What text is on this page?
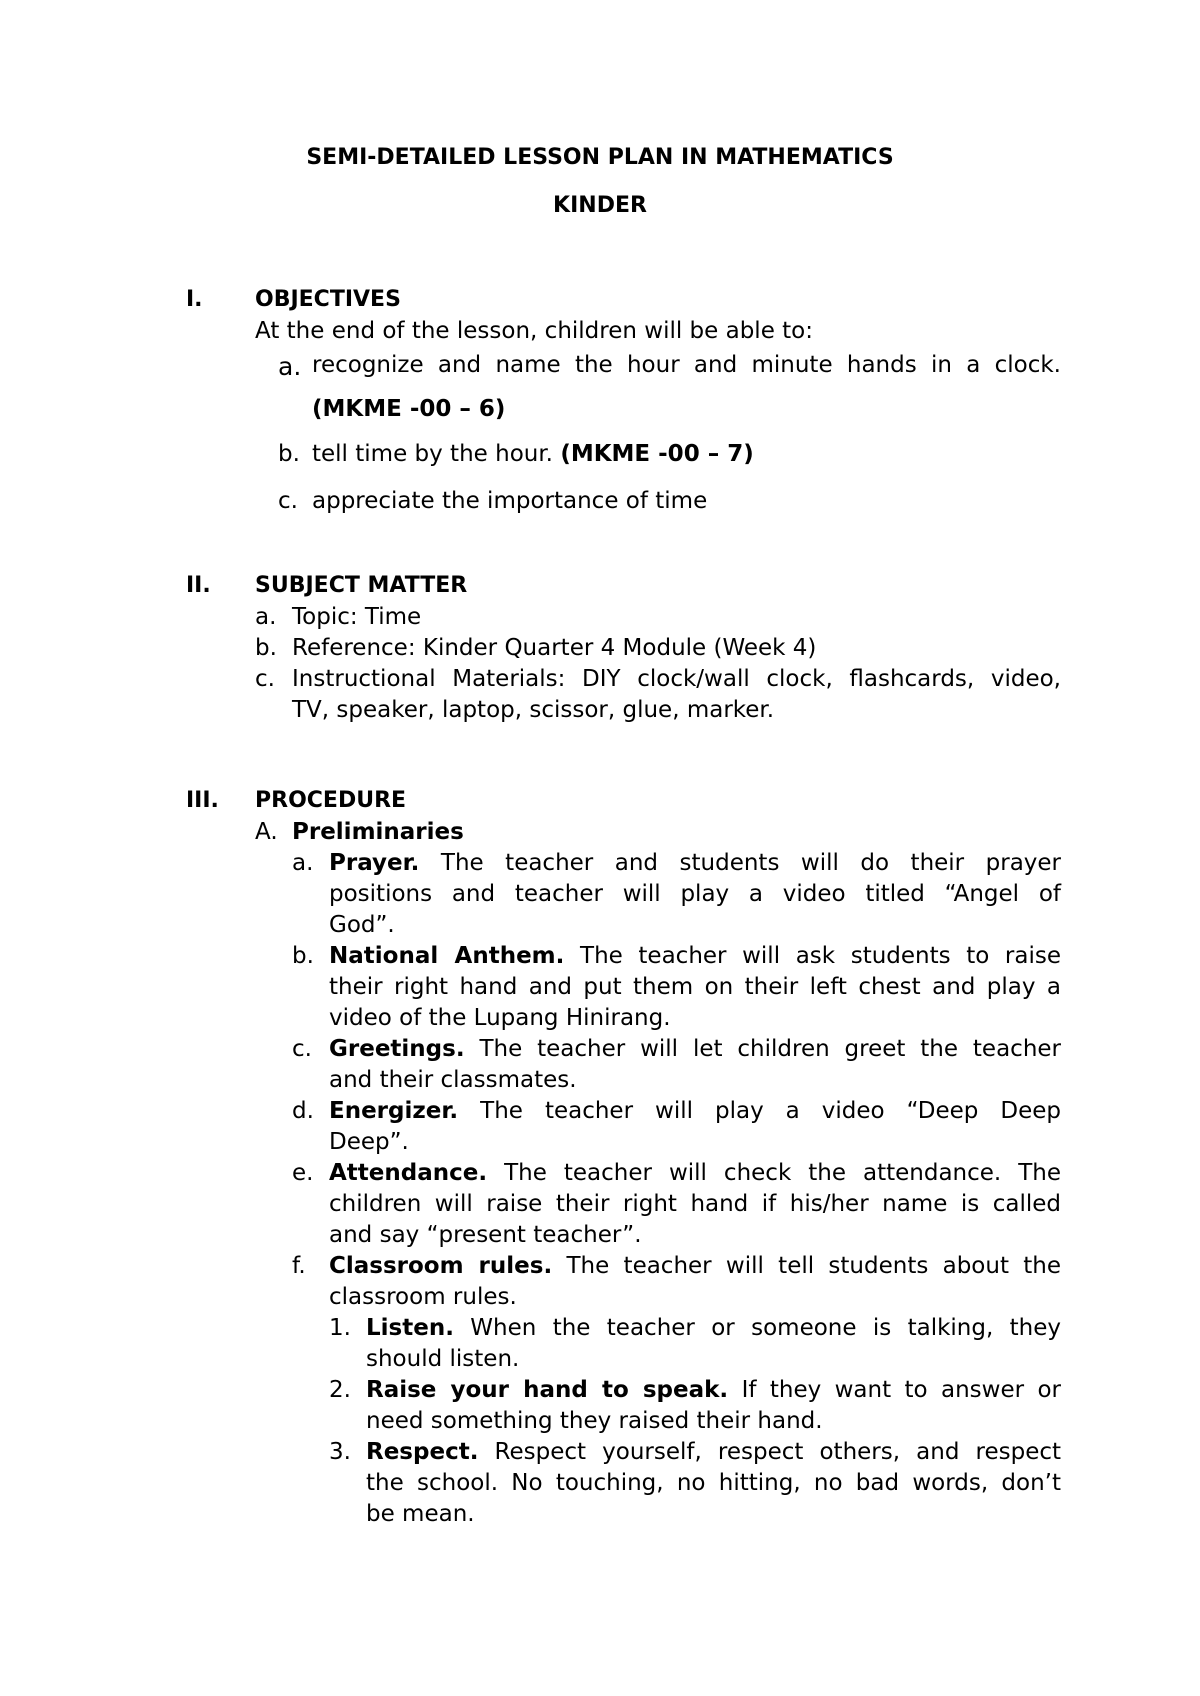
SEMI-DETAILED LESSON PLAN IN MATHEMATICS
KINDER
I. OBJECTIVES
At the end of the lesson, children will be able to:
a. recognize and name the hour and minute hands in a clock.
(MKME -00 – 6)
b. tell time by the hour. (MKME -00 – 7)
c. appreciate the importance of time
II. SUBJECT MATTER
a. Topic: Time
b. Reference: Kinder Quarter 4 Module (Week 4)
c. Instructional Materials: DIY clock/wall clock, flashcards, video,
TV, speaker, laptop, scissor, glue, marker.
III. PROCEDURE
A. Preliminaries
a. Prayer. The teacher and students will do their prayer
positions and teacher will play a video titled “Angel of
God”.
b. National Anthem. The teacher will ask students to raise
their right hand and put them on their left chest and play a
video of the Lupang Hinirang.
c. Greetings. The teacher will let children greet the teacher
and their classmates.
d. Energizer. The teacher will play a video “Deep Deep
Deep”.
e. Attendance. The teacher will check the attendance. The
children will raise their right hand if his/her name is called
and say “present teacher”.
f. Classroom rules. The teacher will tell students about the
classroom rules.
1. Listen. When the teacher or someone is talking, they
should listen.
2. Raise your hand to speak. If they want to answer or
need something they raised their hand.
3. Respect. Respect yourself, respect others, and respect
the school. No touching, no hitting, no bad words, don’t
be mean.
